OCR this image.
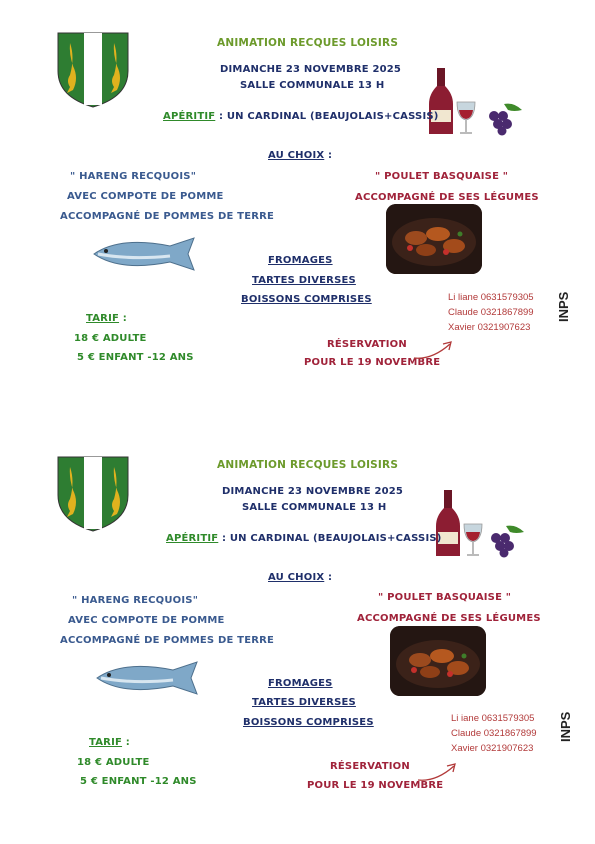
ANIMATION RECQUES LOISIRS
DIMANCHE 23 NOVEMBRE 2025
SALLE COMMUNALE 13 H
APÉRITIF : UN CARDINAL (BEAUJOLAIS+CASSIS)
AU CHOIX :
" HARENG RECQUOIS"
AVEC COMPOTE DE POMME
ACCOMPAGNÉ DE POMMES DE TERRE
" POULET BASQUAISE "
ACCOMPAGNÉ DE SES LÉGUMES
FROMAGES
TARTES DIVERSES
BOISSONS COMPRISES	Li liane 0631579305
Claude 0321867899
Xavier 0321907623
INPS
TARIF :
18 € ADULTE
5 € ENFANT -12 ANS
RÉSERVATION
POUR LE 19 NOVEMBRE
ANIMATION RECQUES LOISIRS
DIMANCHE 23 NOVEMBRE 2025
SALLE COMMUNALE 13 H
APÉRITIF : UN CARDINAL (BEAUJOLAIS+CASSIS)
AU CHOIX :
" HARENG RECQUOIS"
AVEC COMPOTE DE POMME
ACCOMPAGNÉ DE POMMES DE TERRE
" POULET BASQUAISE "
ACCOMPAGNÉ DE SES LÉGUMES
FROMAGES
TARTES DIVERSES
BOISSONS COMPRISES	Li iane 0631579305
Claude 0321867899
Xavier 0321907623
INPS
TARIF :
18 € ADULTE
5 € ENFANT -12 ANS
RÉSERVATION
POUR LE 19 NOVEMBRE
